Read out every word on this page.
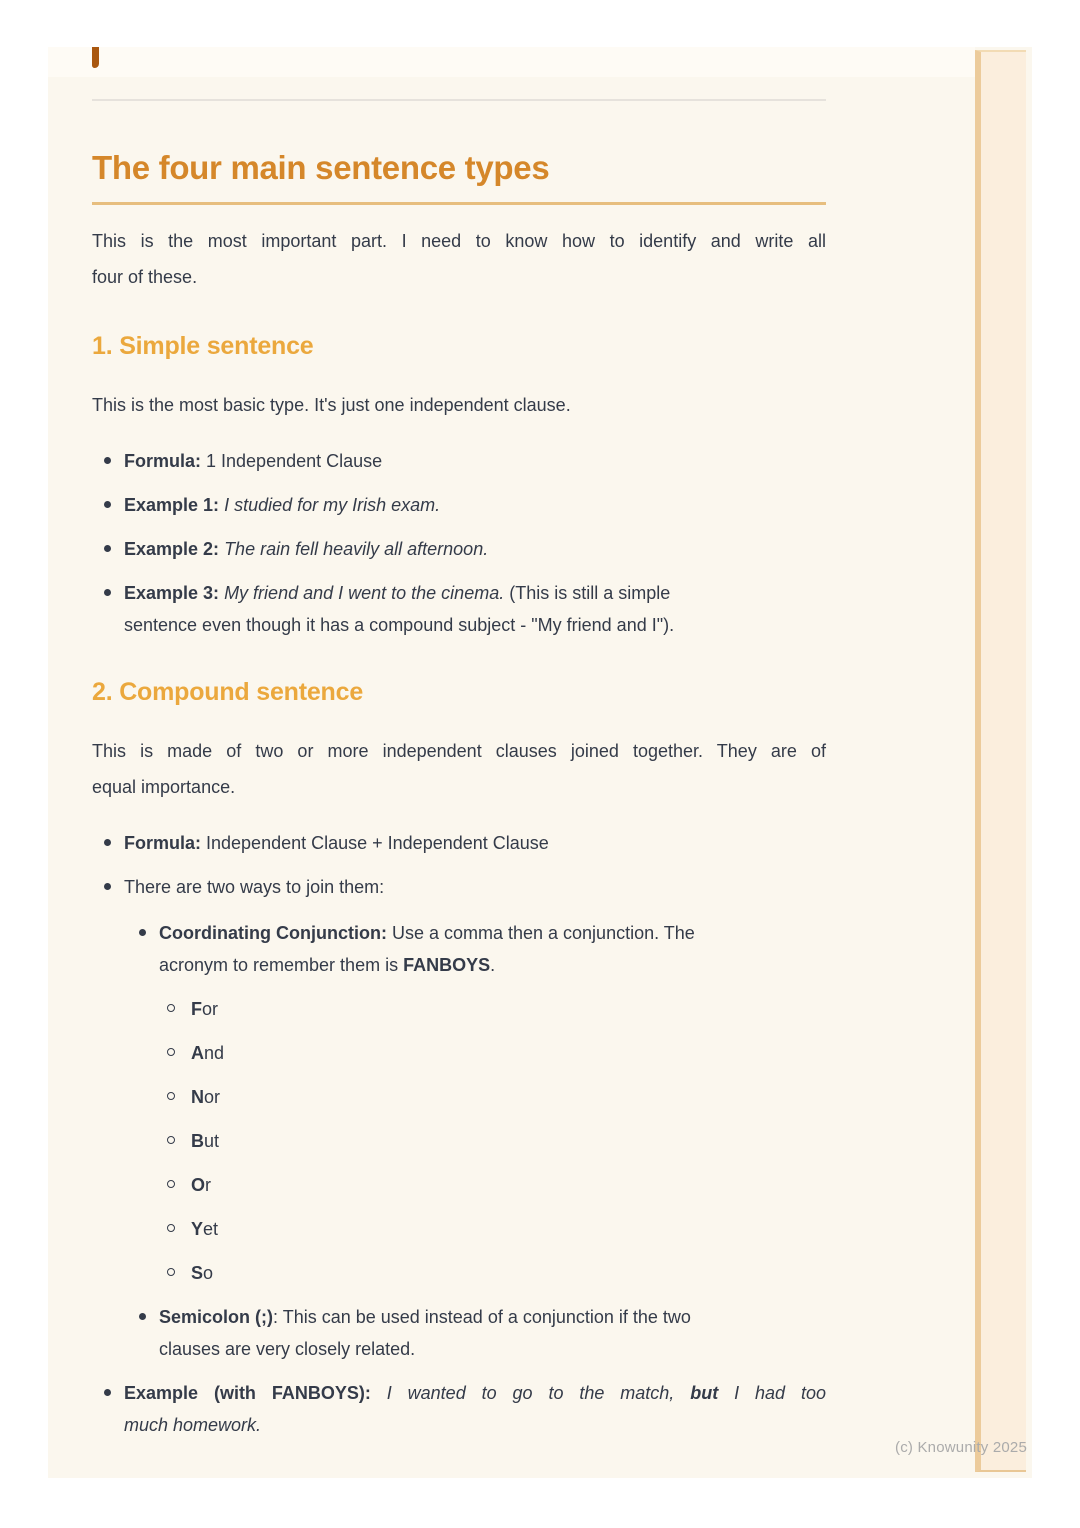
The four main sentence types

This is the most important part. I need to know how to identify and write all
four of these.

1. Simple sentence

This is the most basic type. It's just one independent clause.

Formula: 1 Independent Clause
Example 1: I studied for my Irish exam.
Example 2: The rain fell heavily all afternoon.
Example 3: My friend and I went to the cinema. (This is still a simple
sentence even though it has a compound subject - "My friend and I").
2. Compound sentence

This is made of two or more independent clauses joined together. They are of
equal importance.

Formula: Independent Clause + Independent Clause
There are two ways to join them:
Coordinating Conjunction: Use a comma then a conjunction. The
acronym to remember them is FANBOYS.
For
And
Nor
But
Or
Yet
So
Semicolon (;): This can be used instead of a conjunction if the two
clauses are very closely related.
Example (with FANBOYS): I wanted to go to the match, but I had too
much homework.
(c) Knowunity 2025
